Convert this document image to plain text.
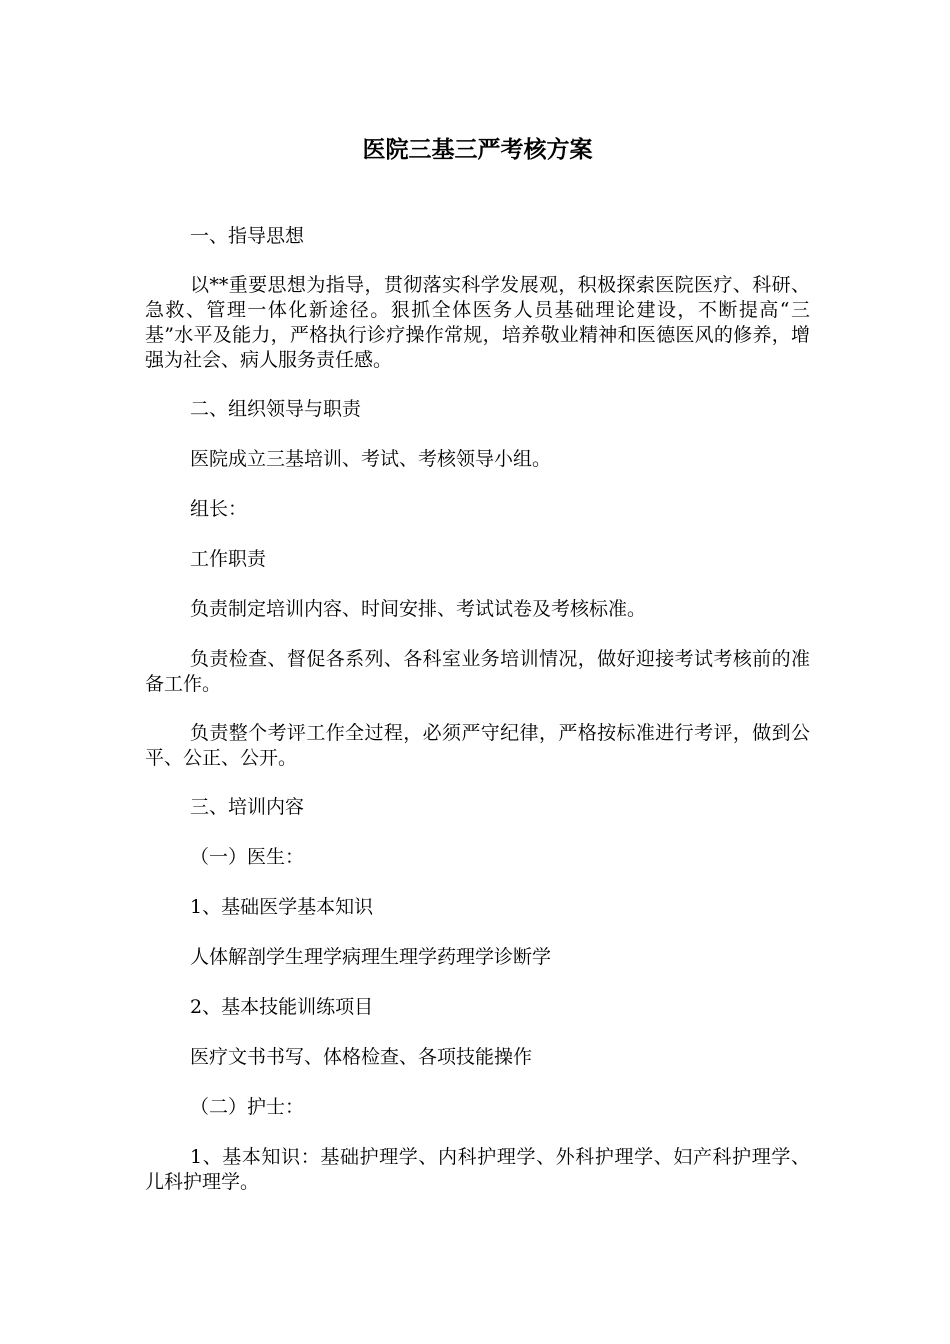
医院三基三严考核方案

一、指导思想

以**重要思想为指导，贯彻落实科学发展观，积极探索医院医疗、科研、急救、管理一体化新途径。狠抓全体医务人员基础理论建设，不断提高“三基”水平及能力，严格执行诊疗操作常规，培养敬业精神和医德医风的修养，增强为社会、病人服务责任感。

二、组织领导与职责

医院成立三基培训、考试、考核领导小组。

组长：

工作职责

负责制定培训内容、时间安排、考试试卷及考核标准。

负责检查、督促各系列、各科室业务培训情况，做好迎接考试考核前的准备工作。

负责整个考评工作全过程，必须严守纪律，严格按标准进行考评，做到公平、公正、公开。

三、培训内容

（一）医生：

1、基础医学基本知识

人体解剖学生理学病理生理学药理学诊断学

2、基本技能训练项目

医疗文书书写、体格检查、各项技能操作

（二）护士：

1、基本知识：基础护理学、内科护理学、外科护理学、妇产科护理学、儿科护理学。
